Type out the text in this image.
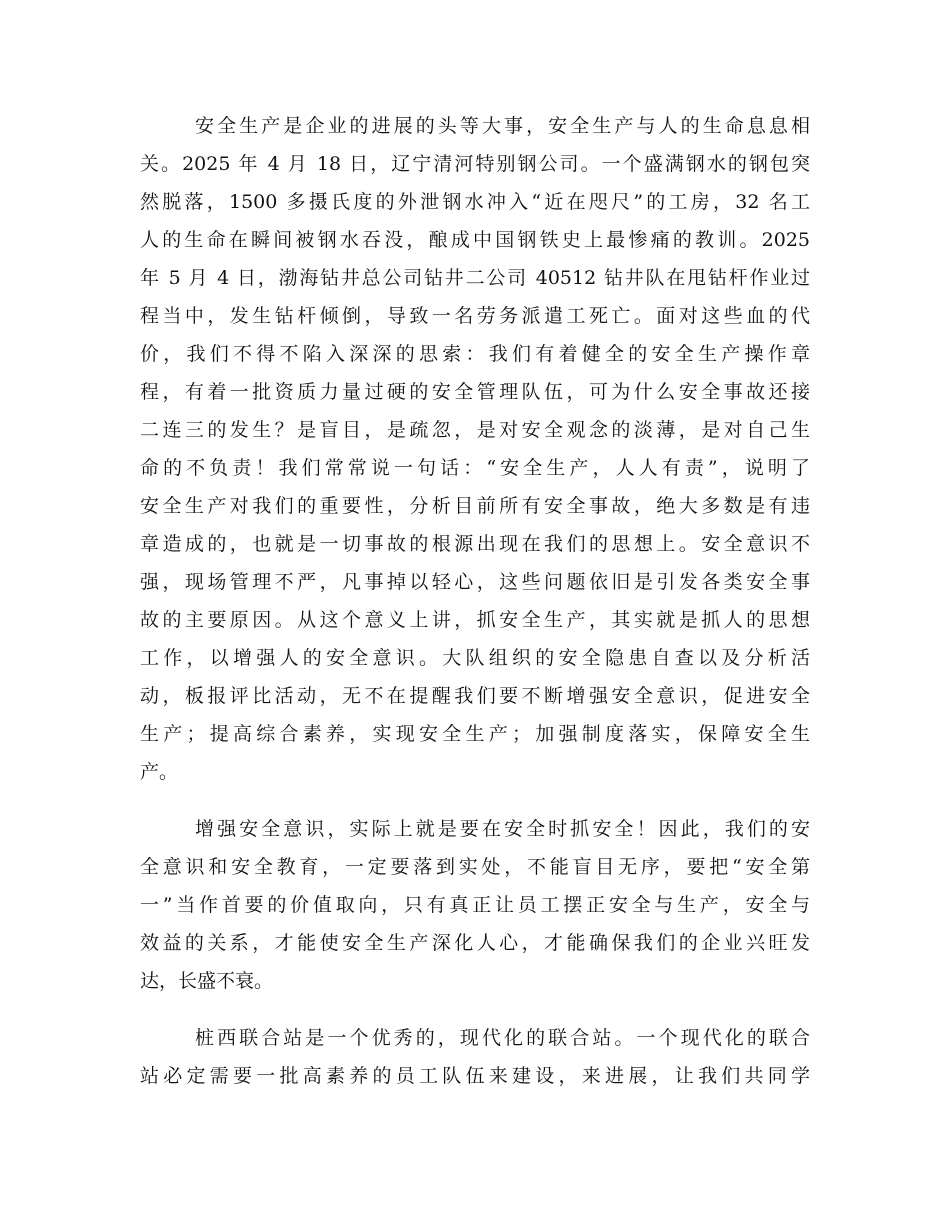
安全生产是企业的进展的头等大事，安全生产与人的生命息息相
关。2025 年 4 月 18 日，辽宁清河特别钢公司。一个盛满钢水的钢包突
然脱落，1500 多摄氏度的外泄钢水冲入“近在咫尺”的工房，32 名工
人的生命在瞬间被钢水吞没，酿成中国钢铁史上最惨痛的教训。2025
年 5 月 4 日，渤海钻井总公司钻井二公司 40512 钻井队在甩钻杆作业过
程当中，发生钻杆倾倒，导致一名劳务派遣工死亡。面对这些血的代
价，我们不得不陷入深深的思索：我们有着健全的安全生产操作章
程，有着一批资质力量过硬的安全管理队伍，可为什么安全事故还接
二连三的发生？是盲目，是疏忽，是对安全观念的淡薄，是对自己生
命的不负责！我们常常说一句话：“安全生产，人人有责”，说明了
安全生产对我们的重要性，分析目前所有安全事故，绝大多数是有违
章造成的，也就是一切事故的根源出现在我们的思想上。安全意识不
强，现场管理不严，凡事掉以轻心，这些问题依旧是引发各类安全事
故的主要原因。从这个意义上讲，抓安全生产，其实就是抓人的思想
工作，以增强人的安全意识。大队组织的安全隐患自查以及分析活
动，板报评比活动，无不在提醒我们要不断增强安全意识，促进安全
生产；提高综合素养，实现安全生产；加强制度落实，保障安全生
产。
增强安全意识，实际上就是要在安全时抓安全！因此，我们的安
全意识和安全教育，一定要落到实处，不能盲目无序，要把“安全第
一”当作首要的价值取向，只有真正让员工摆正安全与生产，安全与
效益的关系，才能使安全生产深化人心，才能确保我们的企业兴旺发
达，长盛不衰。
桩西联合站是一个优秀的，现代化的联合站。一个现代化的联合
站必定需要一批高素养的员工队伍来建设，来进展，让我们共同学
